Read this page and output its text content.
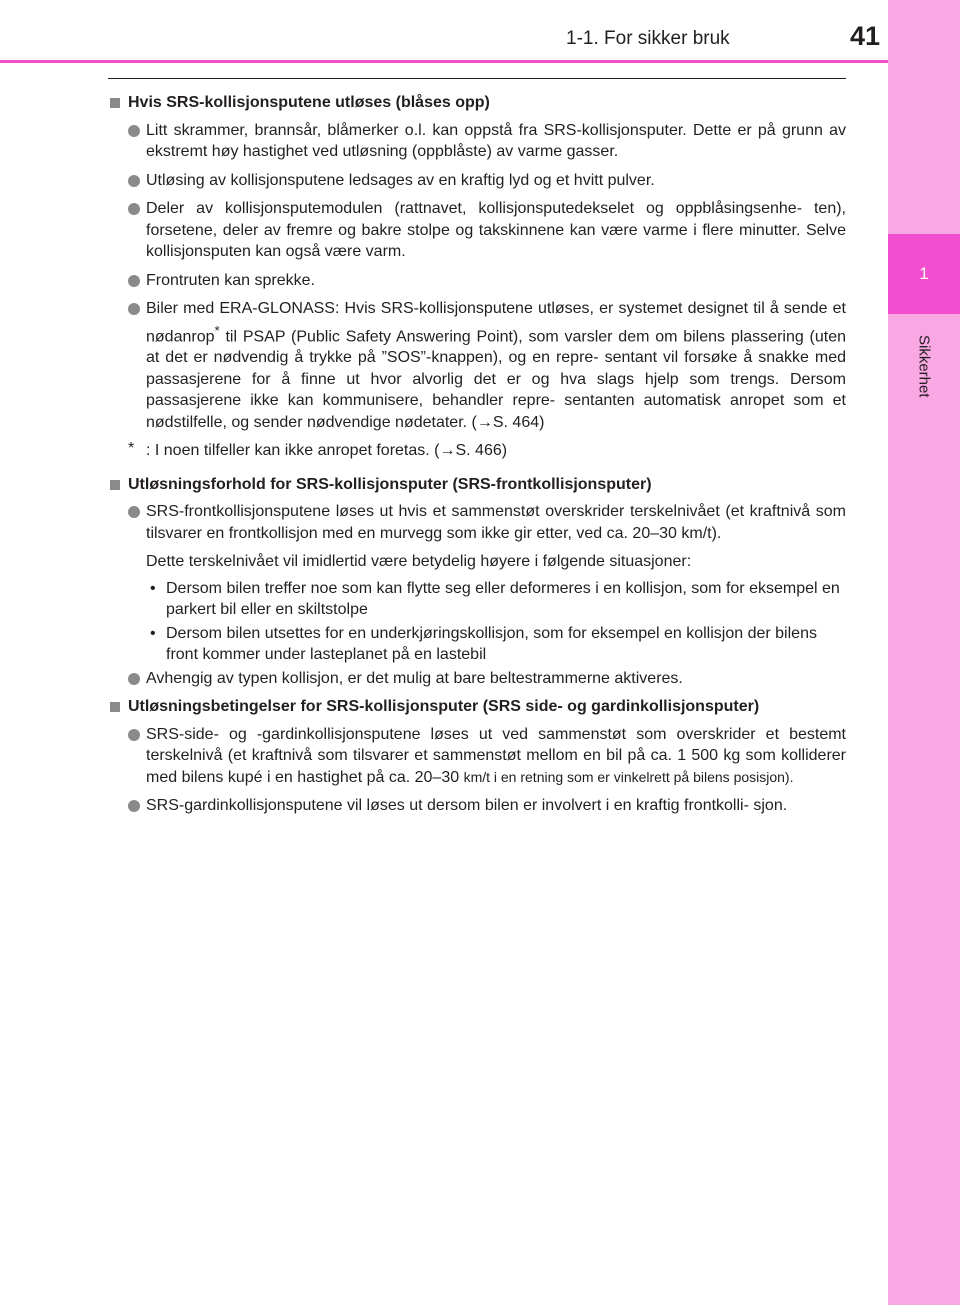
1
Sikkerhet
1-1. For sikker bruk	41
Hvis SRS-kollisjonsputene utløses (blåses opp)
Litt skrammer, brannsår, blåmerker o.l. kan oppstå fra SRS-kollisjonsputer. Dette er på grunn av ekstremt høy hastighet ved utløsning (oppblåste) av varme gasser.
Utløsing av kollisjonsputene ledsages av en kraftig lyd og et hvitt pulver.
Deler av kollisjonsputemodulen (rattnavet, kollisjonsputedekselet og oppblåsingsenhe- ten), forsetene, deler av fremre og bakre stolpe og takskinnene kan være varme i flere minutter. Selve kollisjonsputen kan også være varm.
Frontruten kan sprekke.
Biler med ERA-GLONASS: Hvis SRS-kollisjonsputene utløses, er systemet designet til å sende et nødanrop* til PSAP (Public Safety Answering Point), som varsler dem om bilens plassering (uten at det er nødvendig å trykke på ”SOS”-knappen), og en repre- sentant vil forsøke å snakke med passasjerene for å finne ut hvor alvorlig det er og hva slags hjelp som trengs. Dersom passasjerene ikke kan kommunisere, behandler repre- sentanten automatisk anropet som et nødstilfelle, og sender nødvendige nødetater. (→S. 464)
* : I noen tilfeller kan ikke anropet foretas. (→S. 466)
Utløsningsforhold for SRS-kollisjonsputer (SRS-frontkollisjonsputer)
SRS-frontkollisjonsputene løses ut hvis et sammenstøt overskrider terskelnivået (et kraftnivå som tilsvarer en frontkollisjon med en murvegg som ikke gir etter, ved ca. 20–30 km/t).
Dette terskelnivået vil imidlertid være betydelig høyere i følgende situasjoner:
• Dersom bilen treffer noe som kan flytte seg eller deformeres i en kollisjon, som for eksempel en parkert bil eller en skiltstolpe
• Dersom bilen utsettes for en underkjøringskollisjon, som for eksempel en kollisjon der bilens front kommer under lasteplanet på en lastebil
Avhengig av typen kollisjon, er det mulig at bare beltestrammerne aktiveres.
Utløsningsbetingelser for SRS-kollisjonsputer (SRS side- og gardinkollisjonsputer)
SRS-side- og -gardinkollisjonsputene løses ut ved sammenstøt som overskrider et bestemt terskelnivå (et kraftnivå som tilsvarer et sammenstøt mellom en bil på ca. 1 500 kg som kolliderer med bilens kupé i en hastighet på ca. 20–30 km/t i en retning som er vinkelrett på bilens posisjon).
SRS-gardinkollisjonsputene vil løses ut dersom bilen er involvert i en kraftig frontkolli- sjon.
